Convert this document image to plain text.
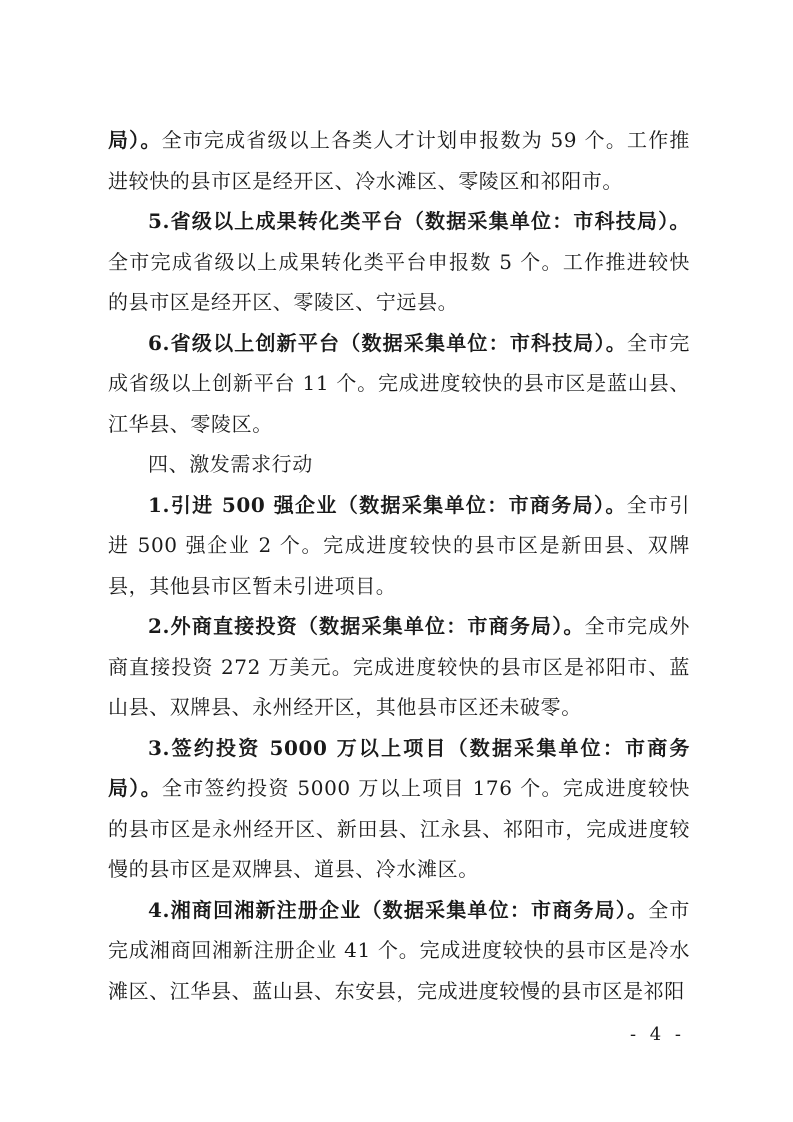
局）。全市完成省级以上各类人才计划申报数为 59 个。工作推进较快的县市区是经开区、冷水滩区、零陵区和祁阳市。

5.省级以上成果转化类平台（数据采集单位：市科技局）。全市完成省级以上成果转化类平台申报数 5 个。工作推进较快的县市区是经开区、零陵区、宁远县。

6.省级以上创新平台（数据采集单位：市科技局）。全市完成省级以上创新平台 11 个。完成进度较快的县市区是蓝山县、江华县、零陵区。

四、激发需求行动

1.引进 500 强企业（数据采集单位：市商务局）。全市引进 500 强企业 2 个。完成进度较快的县市区是新田县、双牌县，其他县市区暂未引进项目。

2.外商直接投资（数据采集单位：市商务局）。全市完成外商直接投资 272 万美元。完成进度较快的县市区是祁阳市、蓝山县、双牌县、永州经开区，其他县市区还未破零。

3.签约投资 5000 万以上项目（数据采集单位：市商务局）。全市签约投资 5000 万以上项目 176 个。完成进度较快的县市区是永州经开区、新田县、江永县、祁阳市，完成进度较慢的县市区是双牌县、道县、冷水滩区。

4.湘商回湘新注册企业（数据采集单位：市商务局）。全市完成湘商回湘新注册企业 41 个。完成进度较快的县市区是冷水滩区、江华县、蓝山县、东安县，完成进度较慢的县市区是祁阳

- 4 -
